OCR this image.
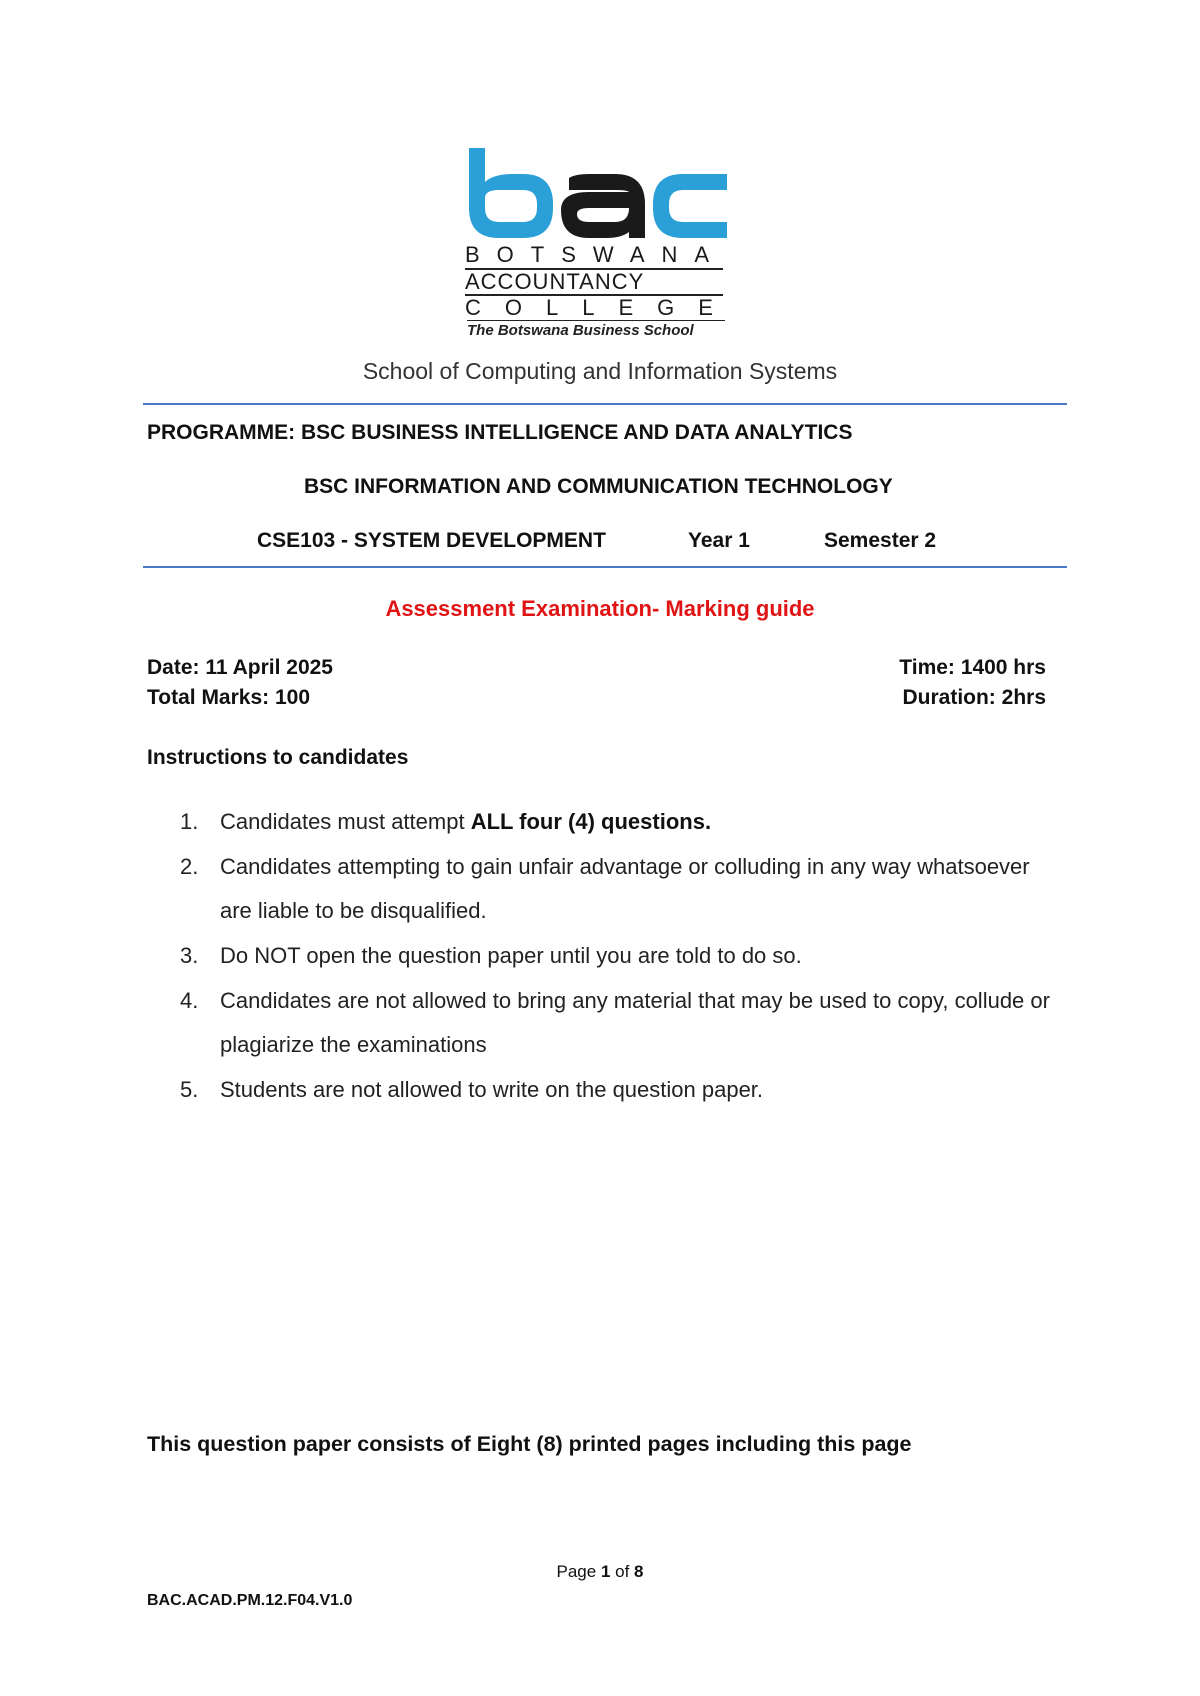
BOTSWANA
ACCOUNTANCY
COLLEGE
The Botswana Business School
School of Computing and Information Systems
PROGRAMME: BSC BUSINESS INTELLIGENCE AND DATA ANALYTICS
BSC INFORMATION AND COMMUNICATION TECHNOLOGY
CSE103 - SYSTEM DEVELOPMENT	Year 1	Semester 2
Assessment Examination- Marking guide
Date: 11 April 2025
Total Marks: 100
Time: 1400 hrs
Duration: 2hrs
Instructions to candidates
1. Candidates must attempt ALL four (4) questions.
2. Candidates attempting to gain unfair advantage or colluding in any way whatsoever are liable to be disqualified.
3. Do NOT open the question paper until you are told to do so.
4. Candidates are not allowed to bring any material that may be used to copy, collude or plagiarize the examinations
5. Students are not allowed to write on the question paper.
This question paper consists of Eight (8) printed pages including this page
Page 1 of 8
BAC.ACAD.PM.12.F04.V1.0
